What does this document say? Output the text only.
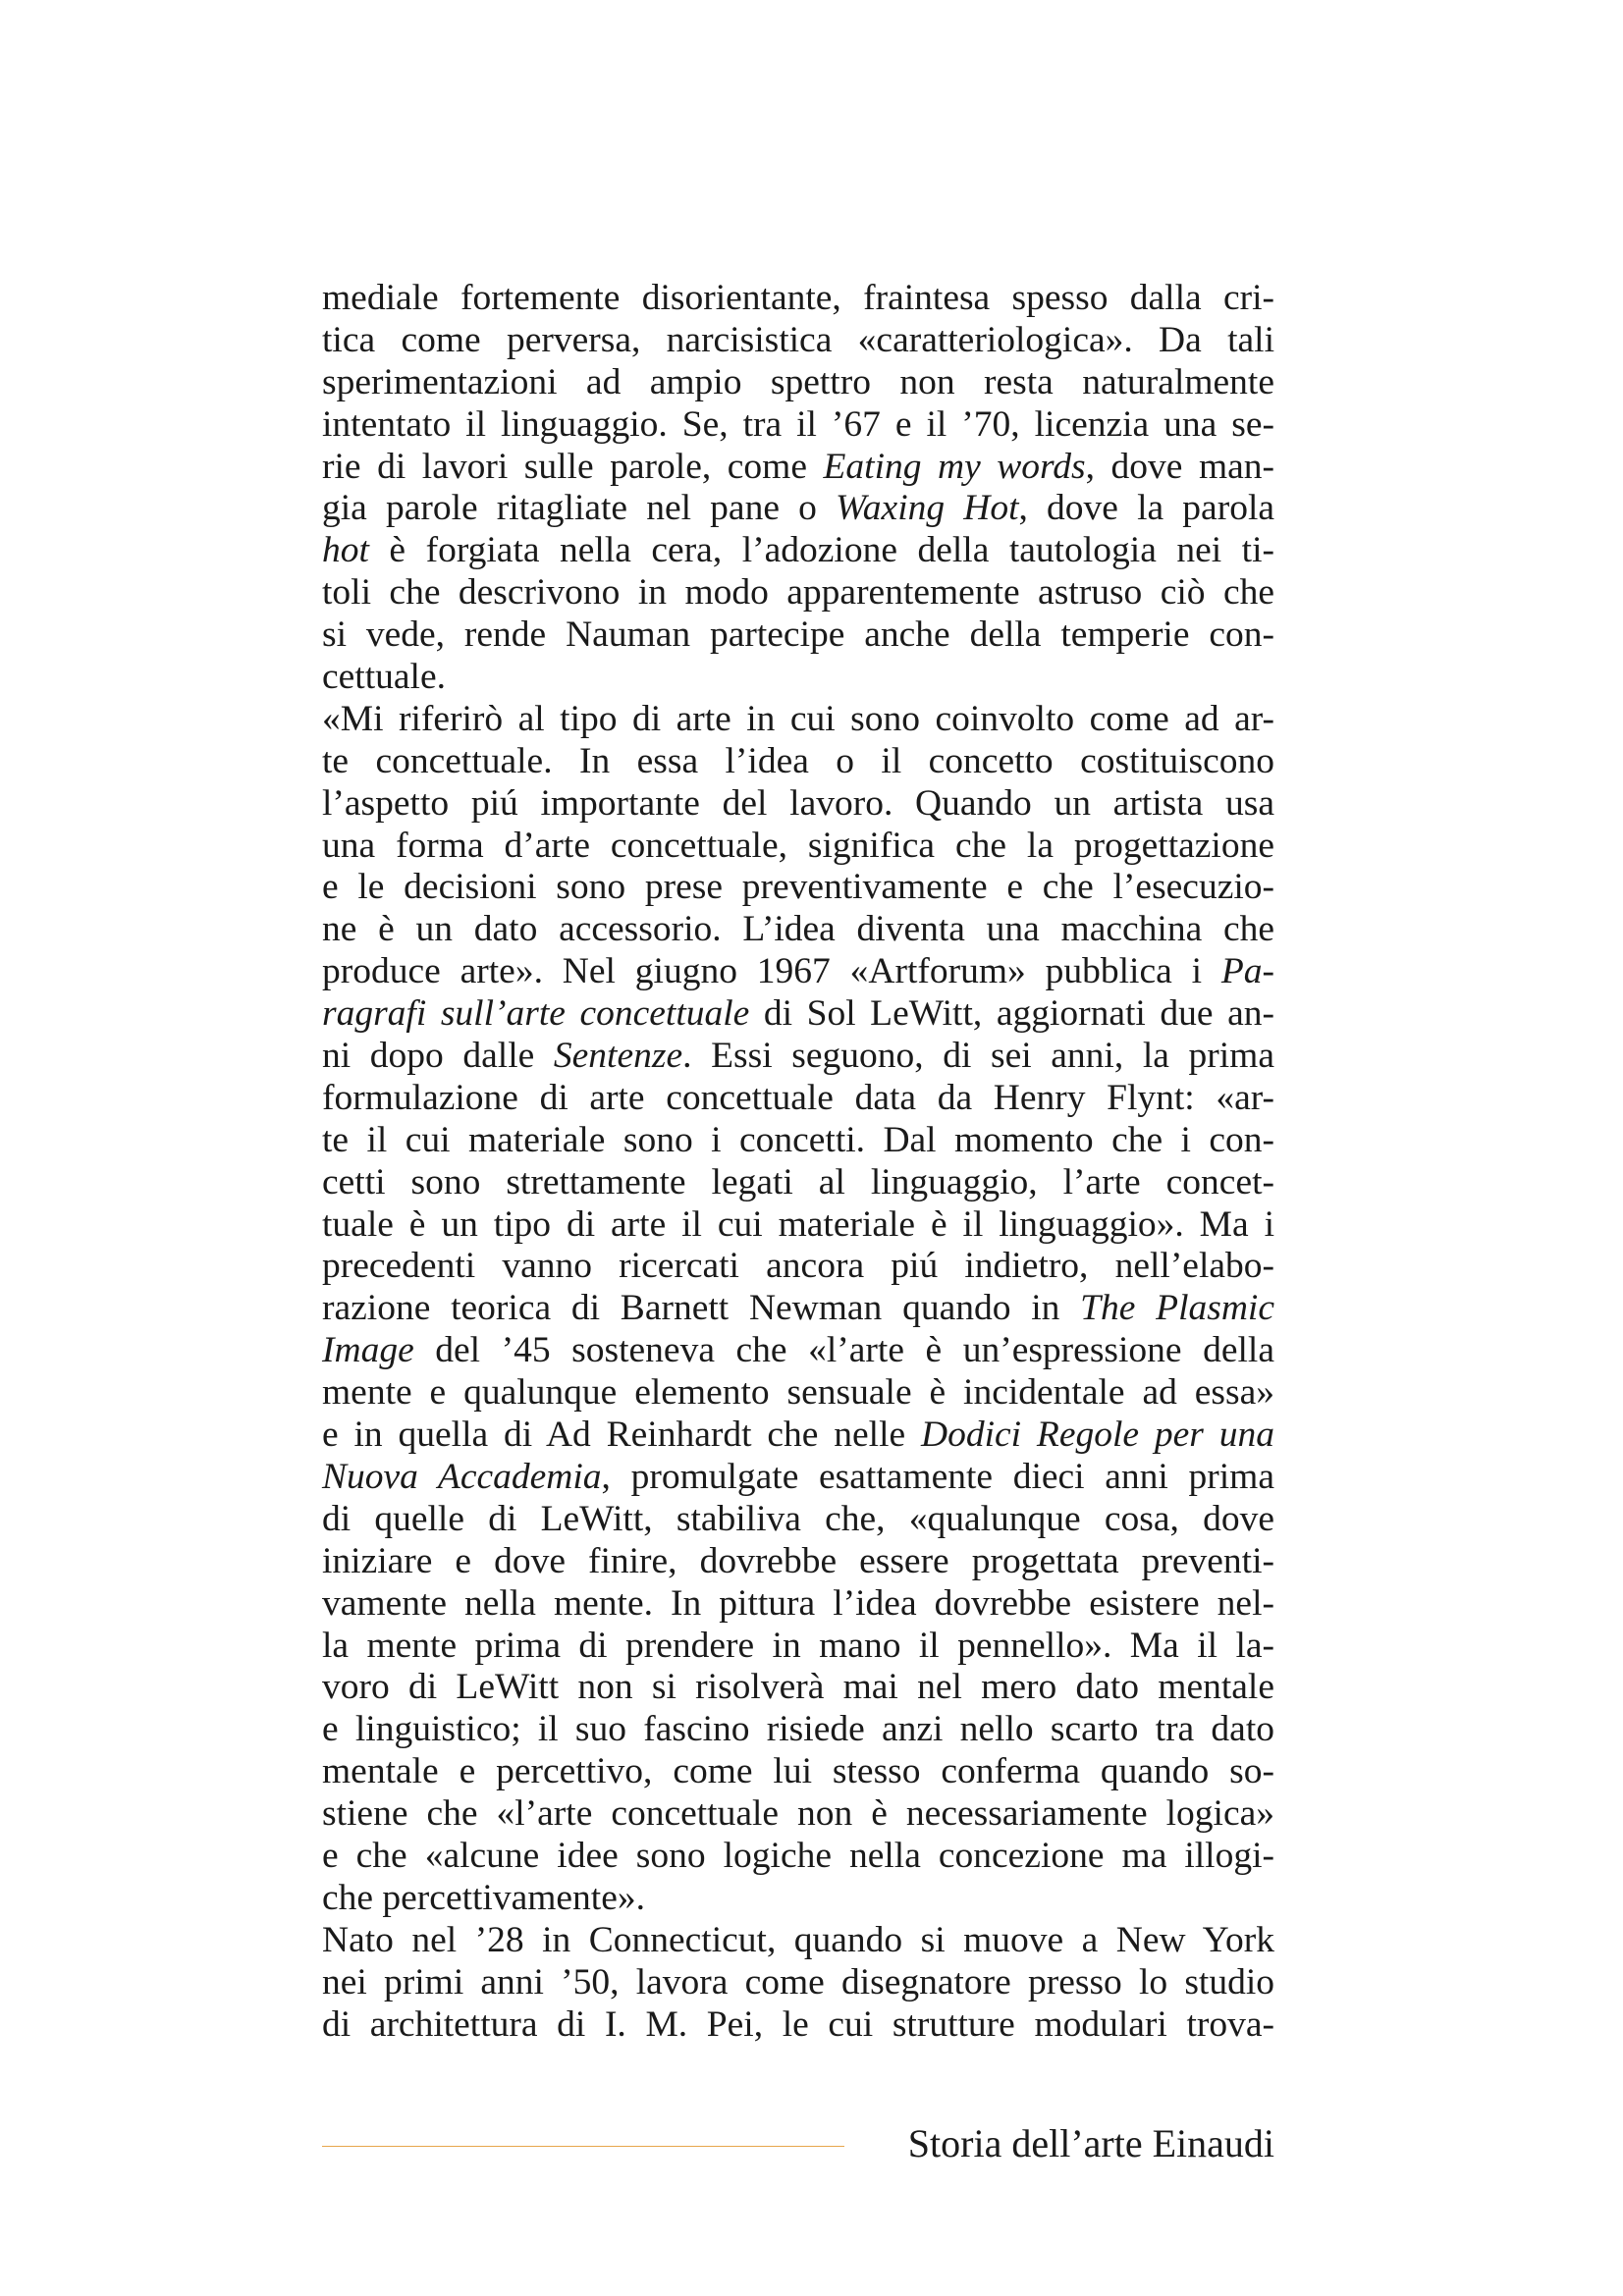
mediale fortemente disorientante, fraintesa spesso dalla cri-
tica come perversa, narcisistica «caratteriologica». Da tali
sperimentazioni ad ampio spettro non resta naturalmente
intentato il linguaggio. Se, tra il ’67 e il ’70, licenzia una se-
rie di lavori sulle parole, come Eating my words, dove man-
gia parole ritagliate nel pane o Waxing Hot, dove la parola
hot è forgiata nella cera, l’adozione della tautologia nei ti-
toli che descrivono in modo apparentemente astruso ciò che
si vede, rende Nauman partecipe anche della temperie con-
cettuale.
«Mi riferirò al tipo di arte in cui sono coinvolto come ad ar-
te concettuale. In essa l’idea o il concetto costituiscono
l’aspetto piú importante del lavoro. Quando un artista usa
una forma d’arte concettuale, significa che la progettazione
e le decisioni sono prese preventivamente e che l’esecuzio-
ne è un dato accessorio. L’idea diventa una macchina che
produce arte». Nel giugno 1967 «Artforum» pubblica i Pa-
ragrafi sull’arte concettuale di Sol LeWitt, aggiornati due an-
ni dopo dalle Sentenze. Essi seguono, di sei anni, la prima
formulazione di arte concettuale data da Henry Flynt: «ar-
te il cui materiale sono i concetti. Dal momento che i con-
cetti sono strettamente legati al linguaggio, l’arte concet-
tuale è un tipo di arte il cui materiale è il linguaggio». Ma i
precedenti vanno ricercati ancora piú indietro, nell’elabo-
razione teorica di Barnett Newman quando in The Plasmic
Image del ’45 sosteneva che «l’arte è un’espressione della
mente e qualunque elemento sensuale è incidentale ad essa»
e in quella di Ad Reinhardt che nelle Dodici Regole per una
Nuova Accademia, promulgate esattamente dieci anni prima
di quelle di LeWitt, stabiliva che, «qualunque cosa, dove
iniziare e dove finire, dovrebbe essere progettata preventi-
vamente nella mente. In pittura l’idea dovrebbe esistere nel-
la mente prima di prendere in mano il pennello». Ma il la-
voro di LeWitt non si risolverà mai nel mero dato mentale
e linguistico; il suo fascino risiede anzi nello scarto tra dato
mentale e percettivo, come lui stesso conferma quando so-
stiene che «l’arte concettuale non è necessariamente logica»
e che «alcune idee sono logiche nella concezione ma illogi-
che percettivamente».
Nato nel ’28 in Connecticut, quando si muove a New York
nei primi anni ’50, lavora come disegnatore presso lo studio
di architettura di I. M. Pei, le cui strutture modulari trova-
Storia dell’arte Einaudi
